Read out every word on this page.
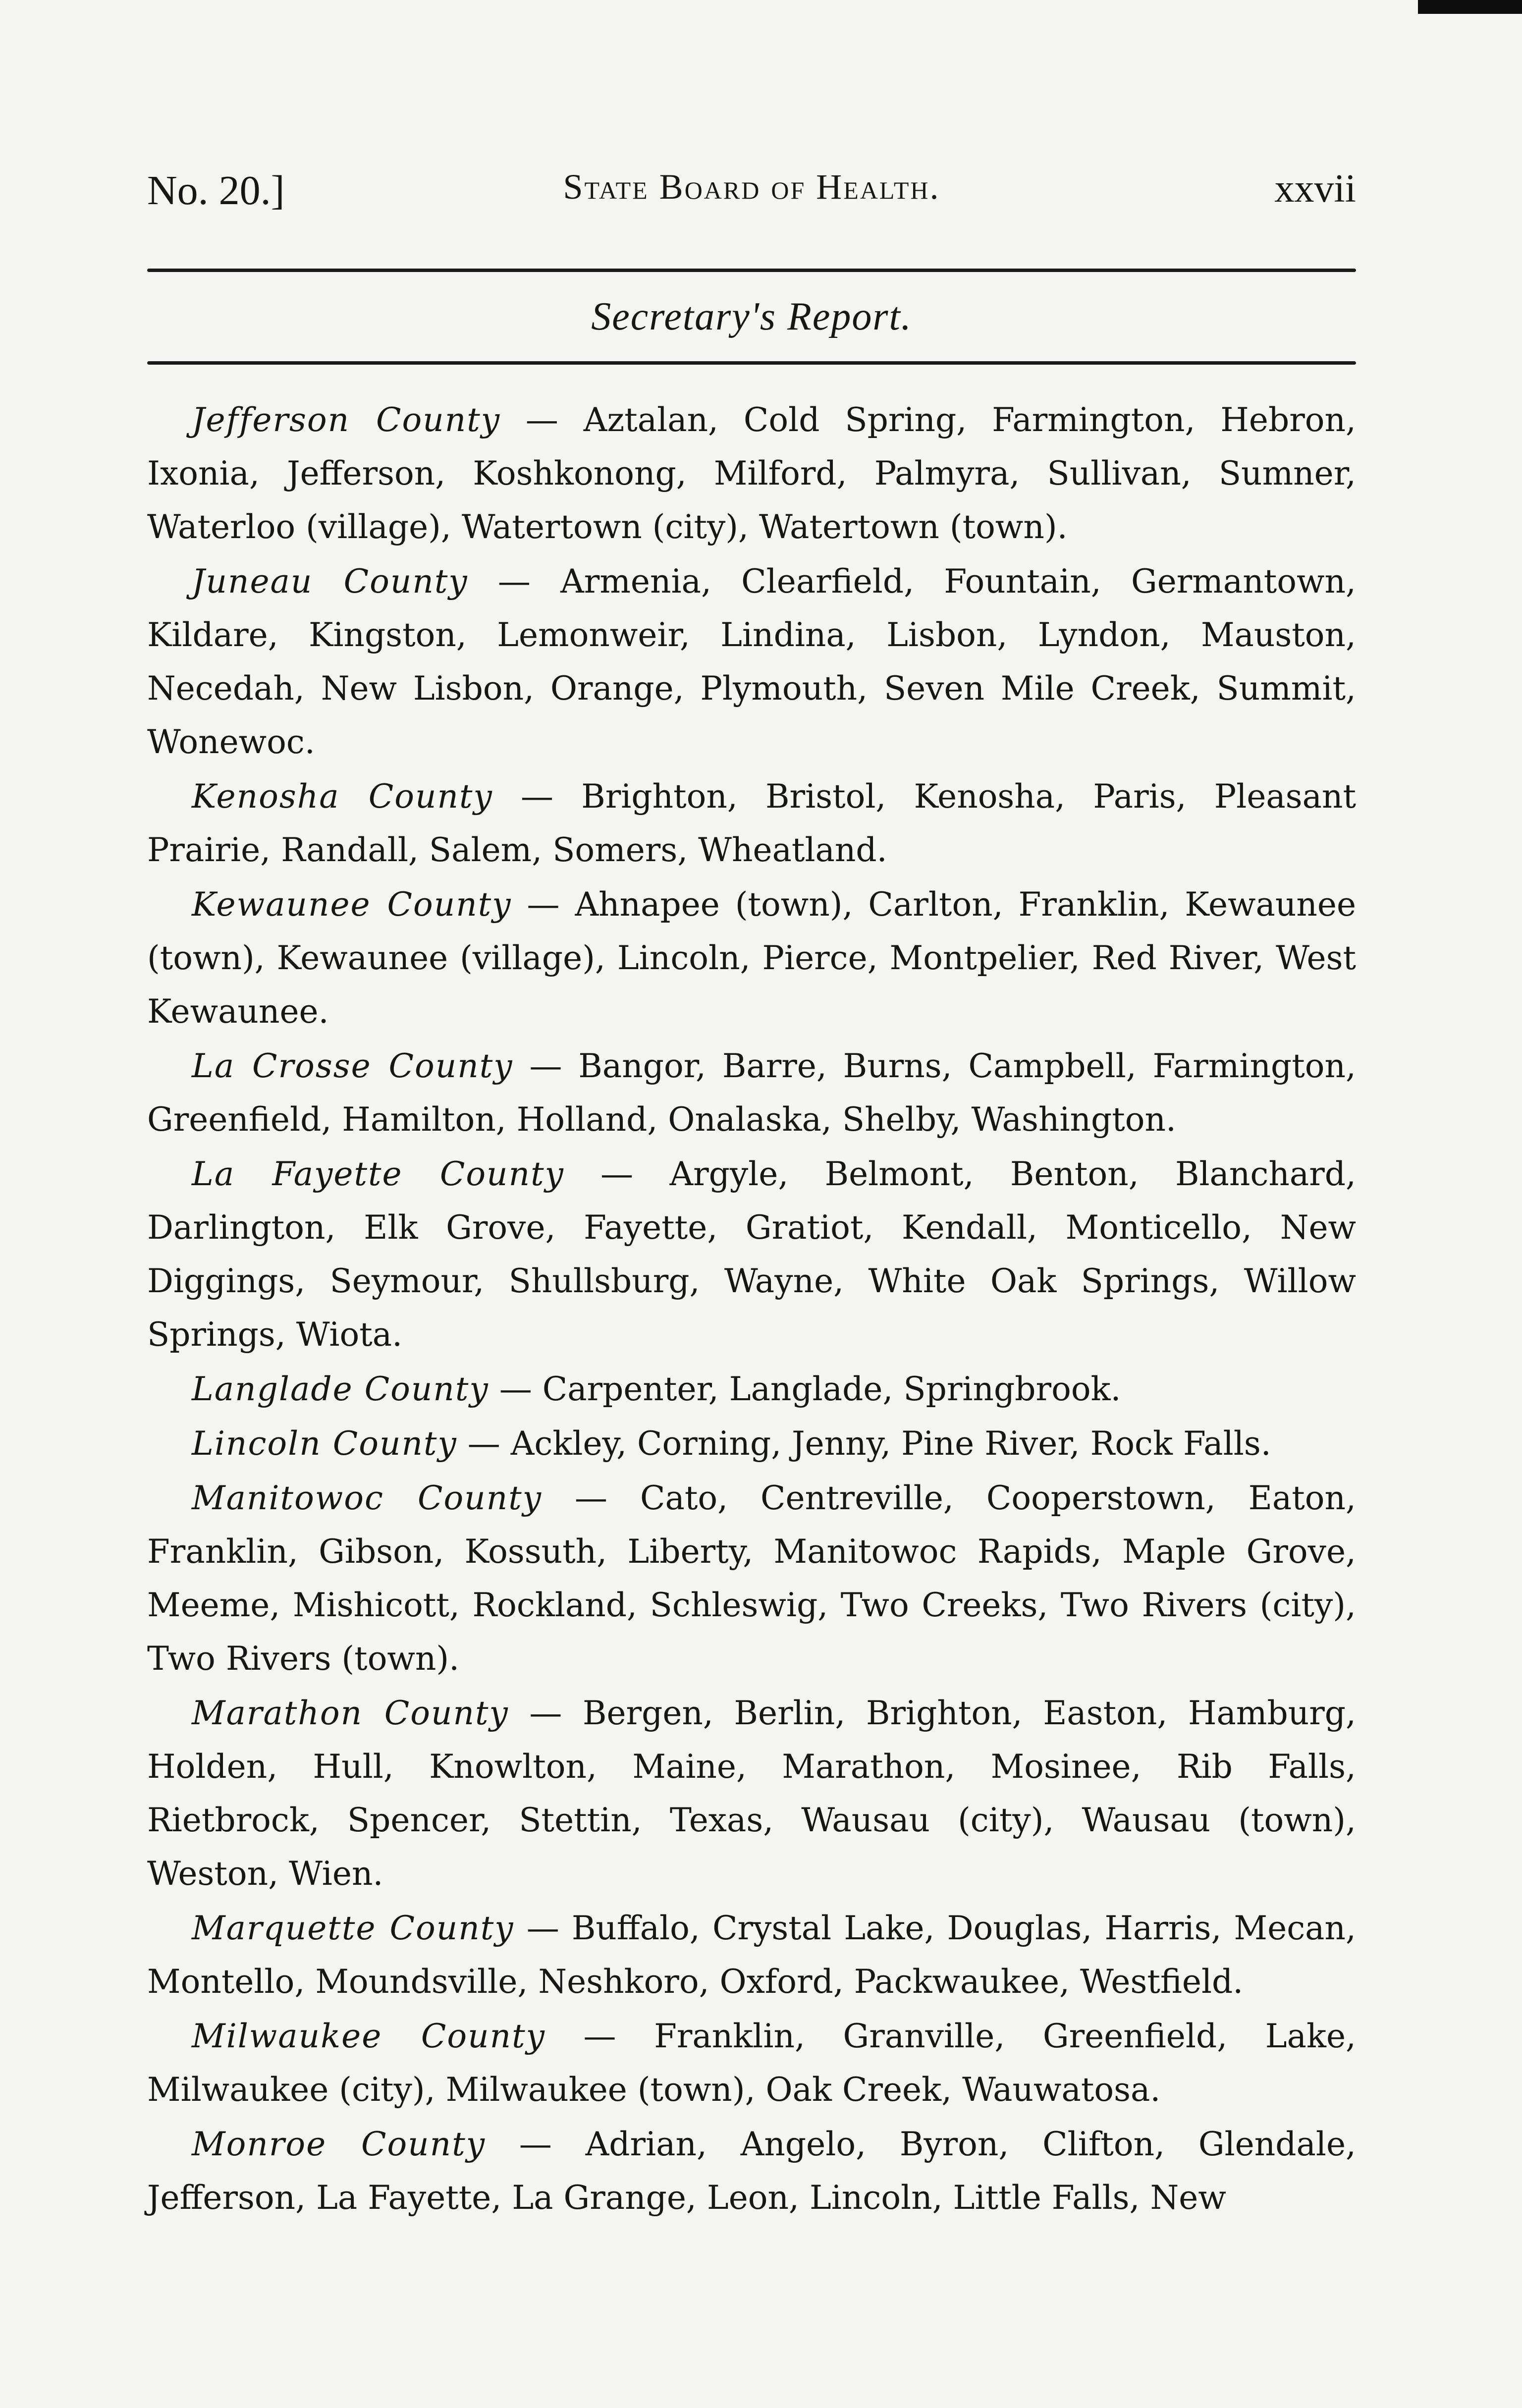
No. 20.]	State Board of Health.	xxvii
Secretary's Report.

Jefferson County — Aztalan, Cold Spring, Farmington, Hebron, Ixonia, Jefferson, Koshkonong, Milford, Palmyra, Sullivan, Sumner, Waterloo (village), Watertown (city), Watertown (town).

Juneau County — Armenia, Clearfield, Fountain, Germantown, Kildare, Kingston, Lemonweir, Lindina, Lisbon, Lyndon, Mauston, Necedah, New Lisbon, Orange, Plymouth, Seven Mile Creek, Summit, Wonewoc.

Kenosha County — Brighton, Bristol, Kenosha, Paris, Pleasant Prairie, Randall, Salem, Somers, Wheatland.

Kewaunee County — Ahnapee (town), Carlton, Franklin, Kewaunee (town), Kewaunee (village), Lincoln, Pierce, Montpelier, Red River, West Kewaunee.

La Crosse County — Bangor, Barre, Burns, Campbell, Farmington, Greenfield, Hamilton, Holland, Onalaska, Shelby, Washington.

La Fayette County — Argyle, Belmont, Benton, Blanchard, Darlington, Elk Grove, Fayette, Gratiot, Kendall, Monticello, New Diggings, Seymour, Shullsburg, Wayne, White Oak Springs, Willow Springs, Wiota.

Langlade County — Carpenter, Langlade, Springbrook.

Lincoln County — Ackley, Corning, Jenny, Pine River, Rock Falls.

Manitowoc County — Cato, Centreville, Cooperstown, Eaton, Franklin, Gibson, Kossuth, Liberty, Manitowoc Rapids, Maple Grove, Meeme, Mishicott, Rockland, Schleswig, Two Creeks, Two Rivers (city), Two Rivers (town).

Marathon County — Bergen, Berlin, Brighton, Easton, Hamburg, Holden, Hull, Knowlton, Maine, Marathon, Mosinee, Rib Falls, Rietbrock, Spencer, Stettin, Texas, Wausau (city), Wausau (town), Weston, Wien.

Marquette County — Buffalo, Crystal Lake, Douglas, Harris, Mecan, Montello, Moundsville, Neshkoro, Oxford, Packwaukee, Westfield.

Milwaukee County — Franklin, Granville, Greenfield, Lake, Milwaukee (city), Milwaukee (town), Oak Creek, Wauwatosa.

Monroe County — Adrian, Angelo, Byron, Clifton, Glendale, Jefferson, La Fayette, La Grange, Leon, Lincoln, Little Falls, New
